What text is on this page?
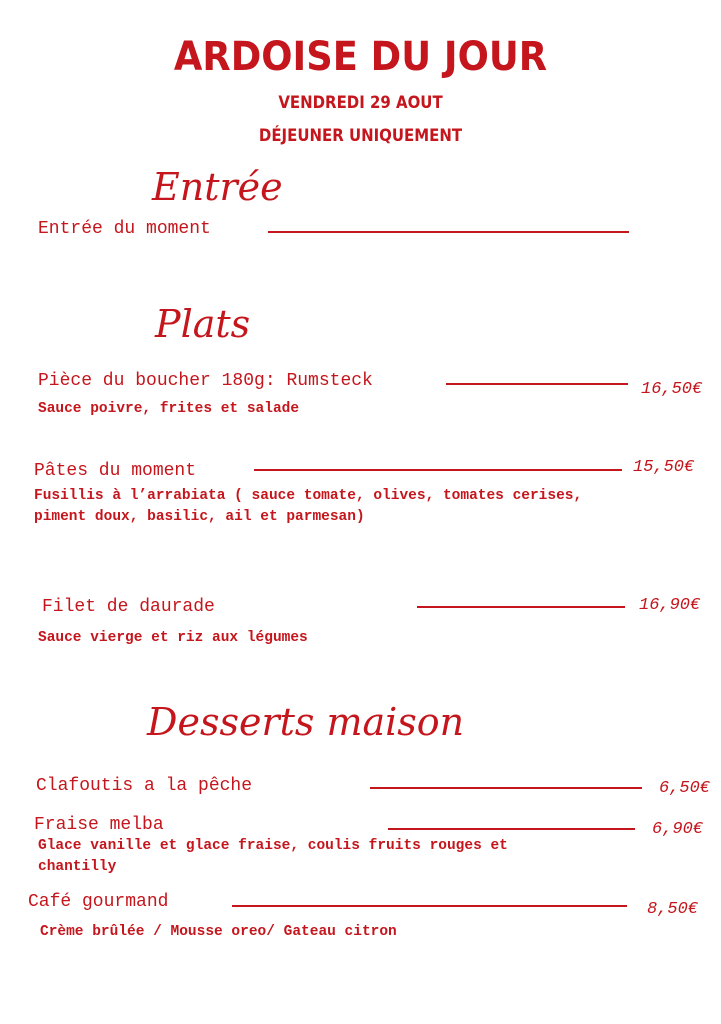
ARDOISE DU JOUR
VENDREDI 29 AOUT
DÉJEUNER UNIQUEMENT
Entrée
Entrée du moment
Plats
Pièce du boucher 180g: Rumsteck	16,50€
Sauce poivre, frites et salade
Pâtes du moment	15,50€
Fusillis à l’arrabiata ( sauce tomate, olives, tomates cerises,
piment doux, basilic, ail et parmesan)
Filet de daurade	16,90€
Sauce vierge et riz aux légumes
Desserts maison
Clafoutis a la pêche	6,50€
Fraise melba	6,90€
Glace vanille et glace fraise, coulis fruits rouges et
chantilly
Café gourmand	8,50€
Crème brûlée / Mousse oreo/ Gateau citron
